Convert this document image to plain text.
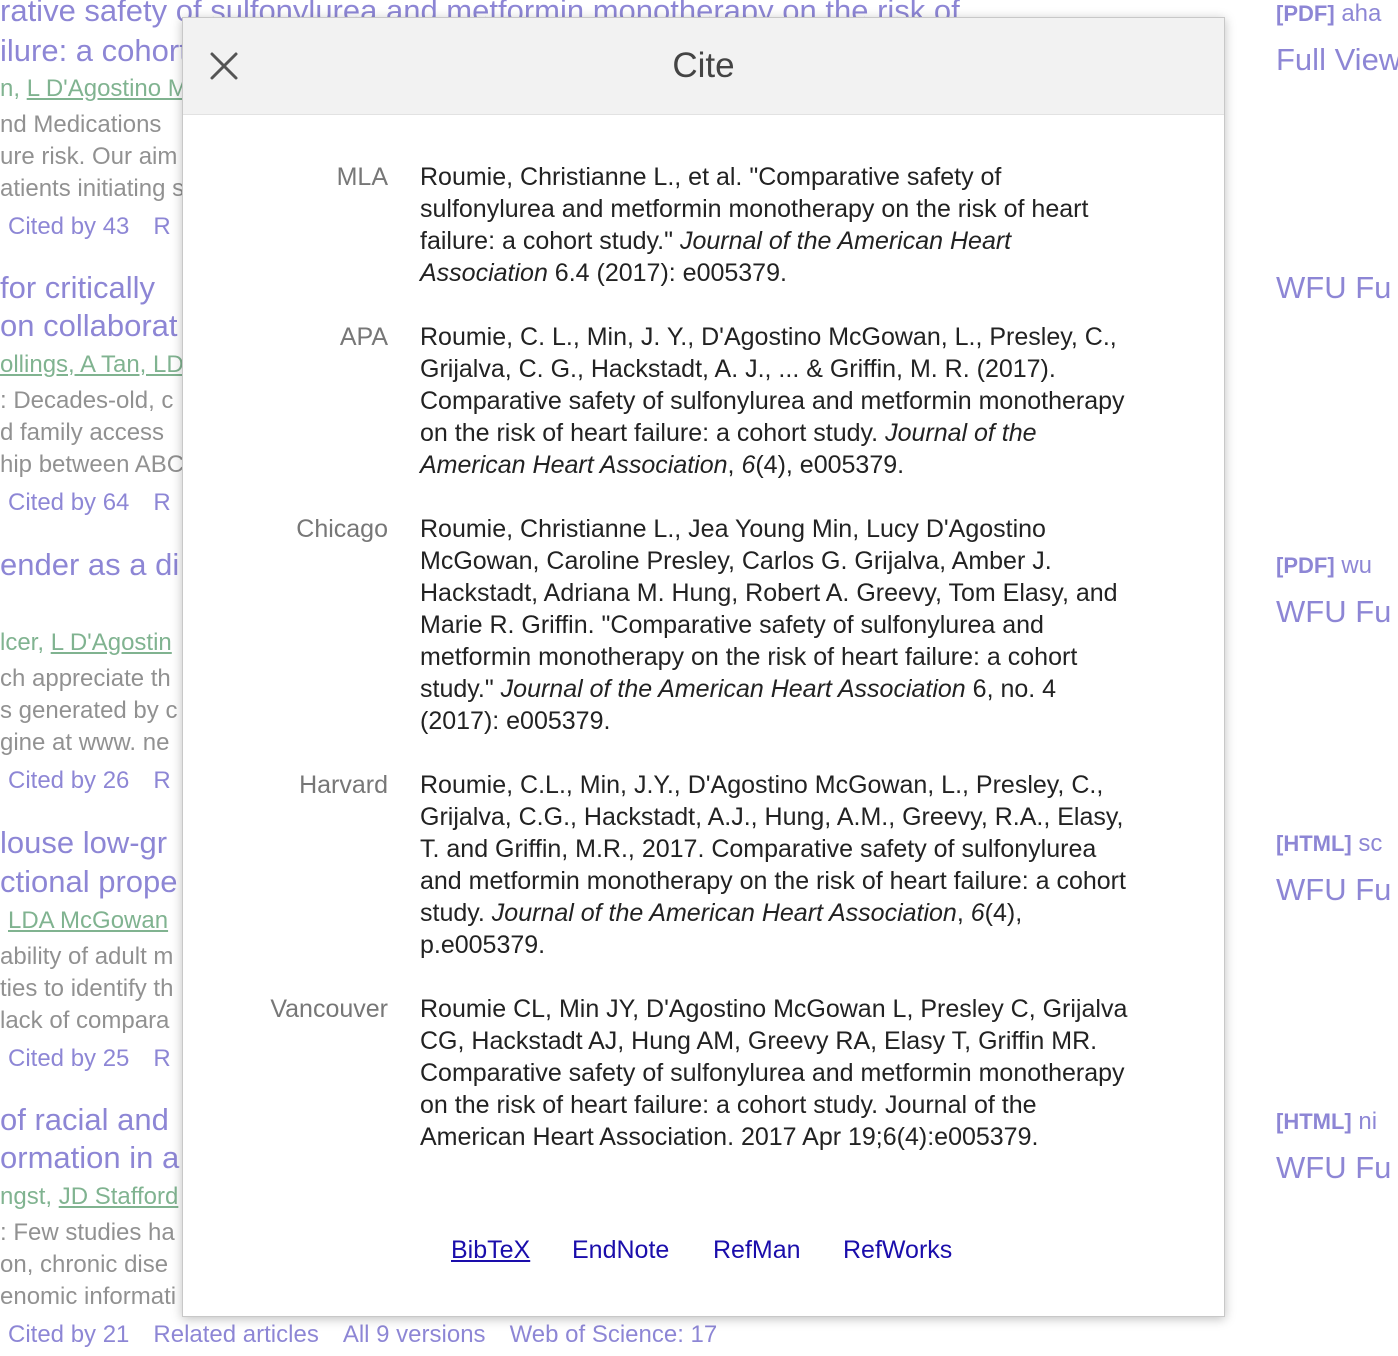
Cite
MLA Roumie, Christianne L., et al. "Comparative safety of sulfonylurea and metformin monotherapy on the risk of heart failure: a cohort study." Journal of the American Heart Association 6.4 (2017): e005379.
APA Roumie, C. L., Min, J. Y., D'Agostino McGowan, L., Presley, C., Grijalva, C. G., Hackstadt, A. J., ... & Griffin, M. R. (2017). Comparative safety of sulfonylurea and metformin monotherapy on the risk of heart failure: a cohort study. Journal of the American Heart Association, 6(4), e005379.
Chicago Roumie, Christianne L., Jea Young Min, Lucy D'Agostino McGowan, Caroline Presley, Carlos G. Grijalva, Amber J. Hackstadt, Adriana M. Hung, Robert A. Greevy, Tom Elasy, and Marie R. Griffin. "Comparative safety of sulfonylurea and metformin monotherapy on the risk of heart failure: a cohort study." Journal of the American Heart Association 6, no. 4 (2017): e005379.
Harvard Roumie, C.L., Min, J.Y., D'Agostino McGowan, L., Presley, C., Grijalva, C.G., Hackstadt, A.J., Hung, A.M., Greevy, R.A., Elasy, T. and Griffin, M.R., 2017. Comparative safety of sulfonylurea and metformin monotherapy on the risk of heart failure: a cohort study. Journal of the American Heart Association, 6(4), p.e005379.
Vancouver Roumie CL, Min JY, D'Agostino McGowan L, Presley C, Grijalva CG, Hackstadt AJ, Hung AM, Greevy RA, Elasy T, Griffin MR. Comparative safety of sulfonylurea and metformin monotherapy on the risk of heart failure: a cohort study. Journal of the American Heart Association. 2017 Apr 19;6(4):e005379.
BibTeX EndNote RefMan RefWorks
